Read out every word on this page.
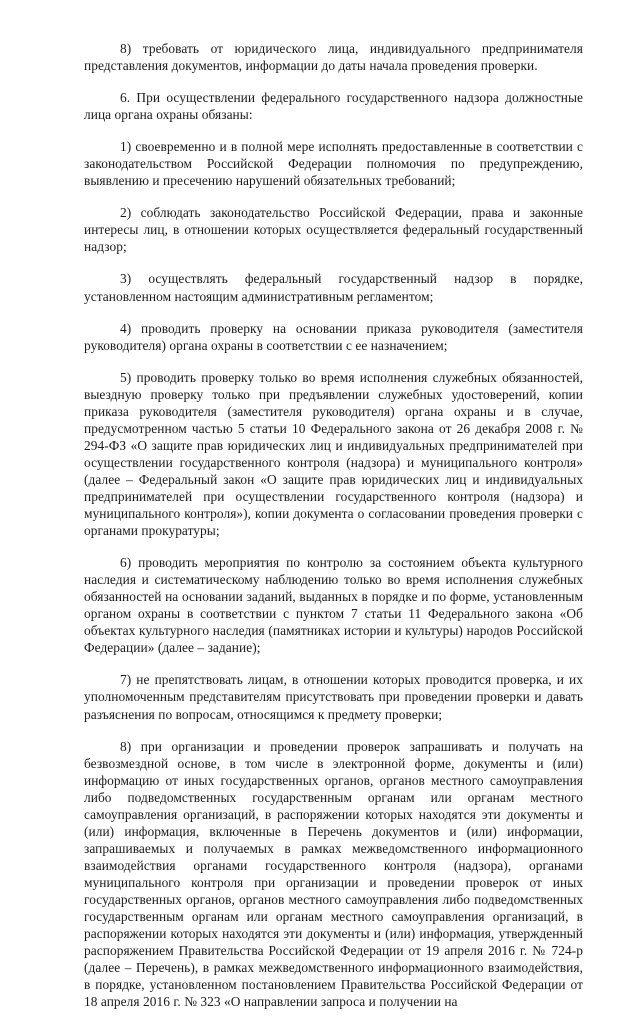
8) требовать от юридического лица, индивидуального предпринимателя представления документов, информации до даты начала проведения проверки.

6. При осуществлении федерального государственного надзора должностные лица органа охраны обязаны:

1) своевременно и в полной мере исполнять предоставленные в соответствии с законодательством Российской Федерации полномочия по предупреждению, выявлению и пресечению нарушений обязательных требований;

2) соблюдать законодательство Российской Федерации, права и законные интересы лиц, в отношении которых осуществляется федеральный государственный надзор;

3) осуществлять федеральный государственный надзор в порядке, установленном настоящим административным регламентом;

4) проводить проверку на основании приказа руководителя (заместителя руководителя) органа охраны в соответствии с ее назначением;

5) проводить проверку только во время исполнения служебных обязанностей, выездную проверку только при предъявлении служебных удостоверений, копии приказа руководителя (заместителя руководителя) органа охраны и в случае, предусмотренном частью 5 статьи 10 Федерального закона от 26 декабря 2008 г. № 294-ФЗ «О защите прав юридических лиц и индивидуальных предпринимателей при осуществлении государственного контроля (надзора) и муниципального контроля» (далее – Федеральный закон «О защите прав юридических лиц и индивидуальных предпринимателей при осуществлении государственного контроля (надзора) и муниципального контроля»), копии документа о согласовании проведения проверки с органами прокуратуры;

6) проводить мероприятия по контролю за состоянием объекта культурного наследия и систематическому наблюдению только во время исполнения служебных обязанностей на основании заданий, выданных в порядке и по форме, установленным органом охраны в соответствии с пунктом 7 статьи 11 Федерального закона «Об объектах культурного наследия (памятниках истории и культуры) народов Российской Федерации» (далее – задание);

7) не препятствовать лицам, в отношении которых проводится проверка, и их уполномоченным представителям присутствовать при проведении проверки и давать разъяснения по вопросам, относящимся к предмету проверки;

8) при организации и проведении проверок запрашивать и получать на безвозмездной основе, в том числе в электронной форме, документы и (или) информацию от иных государственных органов, органов местного самоуправления либо подведомственных государственным органам или органам местного самоуправления организаций, в распоряжении которых находятся эти документы и (или) информация, включенные в Перечень документов и (или) информации, запрашиваемых и получаемых в рамках межведомственного информационного взаимодействия органами государственного контроля (надзора), органами муниципального контроля при организации и проведении проверок от иных государственных органов, органов местного самоуправления либо подведомственных государственным органам или органам местного самоуправления организаций, в распоряжении которых находятся эти документы и (или) информация, утвержденный распоряжением Правительства Российской Федерации от 19 апреля 2016 г. № 724-р (далее – Перечень), в рамках межведомственного информационного взаимодействия, в порядке, установленном постановлением Правительства Российской Федерации от 18 апреля 2016 г. № 323 «О направлении запроса и получении на
